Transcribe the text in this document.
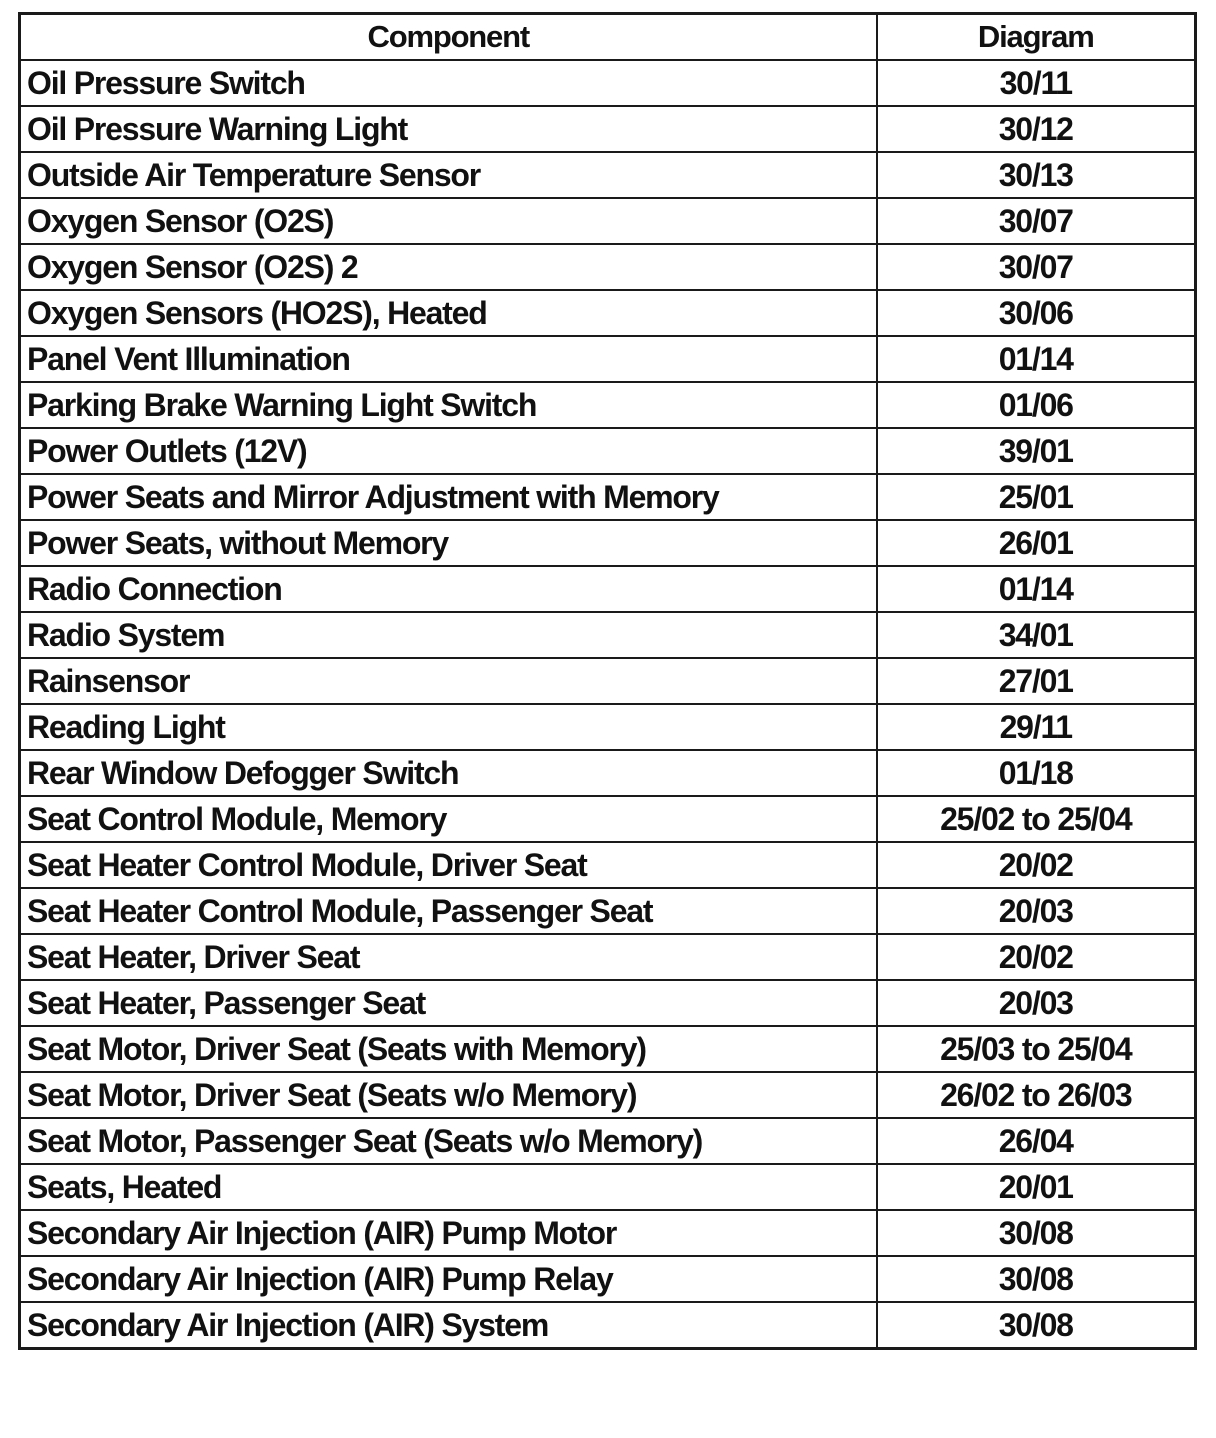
Component	Diagram
Oil Pressure Switch	30/11
Oil Pressure Warning Light	30/12
Outside Air Temperature Sensor	30/13
Oxygen Sensor (O2S)	30/07
Oxygen Sensor (O2S) 2	30/07
Oxygen Sensors (HO2S), Heated	30/06
Panel Vent Illumination	01/14
Parking Brake Warning Light Switch	01/06
Power Outlets (12V)	39/01
Power Seats and Mirror Adjustment with Memory	25/01
Power Seats, without Memory	26/01
Radio Connection	01/14
Radio System	34/01
Rainsensor	27/01
Reading Light	29/11
Rear Window Defogger Switch	01/18
Seat Control Module, Memory	25/02 to 25/04
Seat Heater Control Module, Driver Seat	20/02
Seat Heater Control Module, Passenger Seat	20/03
Seat Heater, Driver Seat	20/02
Seat Heater, Passenger Seat	20/03
Seat Motor, Driver Seat (Seats with Memory)	25/03 to 25/04
Seat Motor, Driver Seat (Seats w/o Memory)	26/02 to 26/03
Seat Motor, Passenger Seat (Seats w/o Memory)	26/04
Seats, Heated	20/01
Secondary Air Injection (AIR) Pump Motor	30/08
Secondary Air Injection (AIR) Pump Relay	30/08
Secondary Air Injection (AIR) System	30/08
